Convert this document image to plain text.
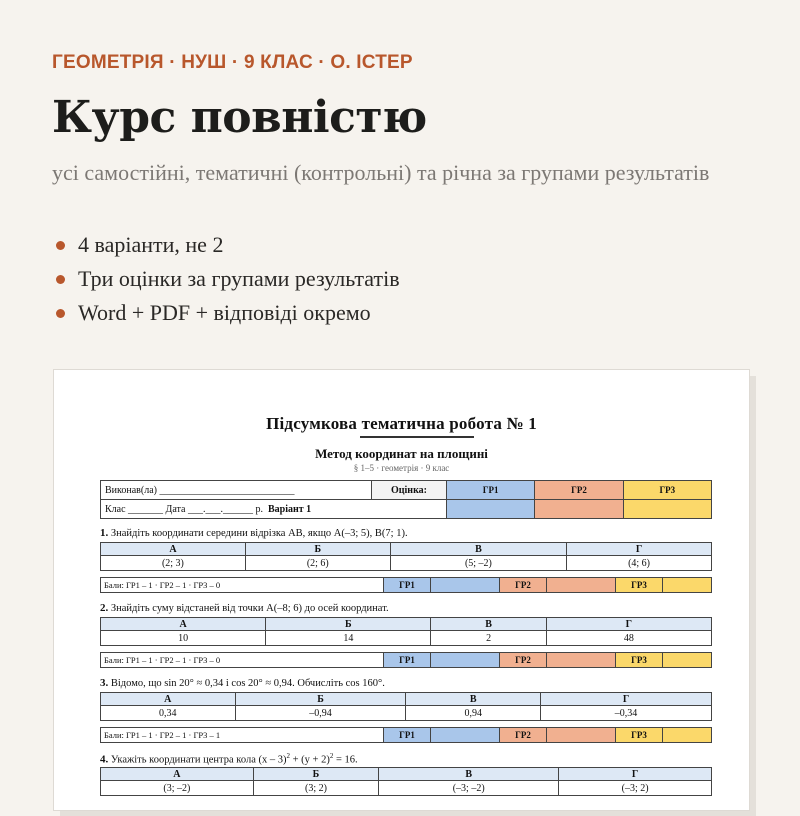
ГЕОМЕТРІЯ · НУШ · 9 КЛАС · О. ІСТЕР
Курс повністю
усі самостійні, тематичні (контрольні) та річна за групами результатів
4 варіанти, не 2
Три оцінки за групами результатів
Word + PDF + відповіді окремо
Підсумкова тематична робота № 1
Метод координат на площині
§ 1–5 · геометрія · 9 клас
Виконав(ла) ___________________________	Оцінка:	ГР1	ГР2	ГР3
Клас _______ Дата ___.___.______ р. Варіант 1				
1. Знайдіть координати середини відрізка AB, якщо A(–3; 5), B(7; 1).
А	Б	В	Г
(2; 3)	(2; 6)	(5; –2)	(4; 6)
Бали: ГР1 – 1 · ГР2 – 1 · ГР3 – 0	ГР1		ГР2		ГР3	
2. Знайдіть суму відстаней від точки A(–8; 6) до осей координат.
А	Б	В	Г
10	14	2	48
Бали: ГР1 – 1 · ГР2 – 1 · ГР3 – 0	ГР1		ГР2		ГР3	
3. Відомо, що sin 20° ≈ 0,34 і cos 20° ≈ 0,94. Обчисліть cos 160°.
А	Б	В	Г
0,34	–0,94	0,94	–0,34
Бали: ГР1 – 1 · ГР2 – 1 · ГР3 – 1	ГР1		ГР2		ГР3	
4. Укажіть координати центра кола $(x - 3)^2 + (y + 2)^2 = 16$.
А	Б	В	Г
(3; –2)	(3; 2)	(–3; –2)	(–3; 2)
